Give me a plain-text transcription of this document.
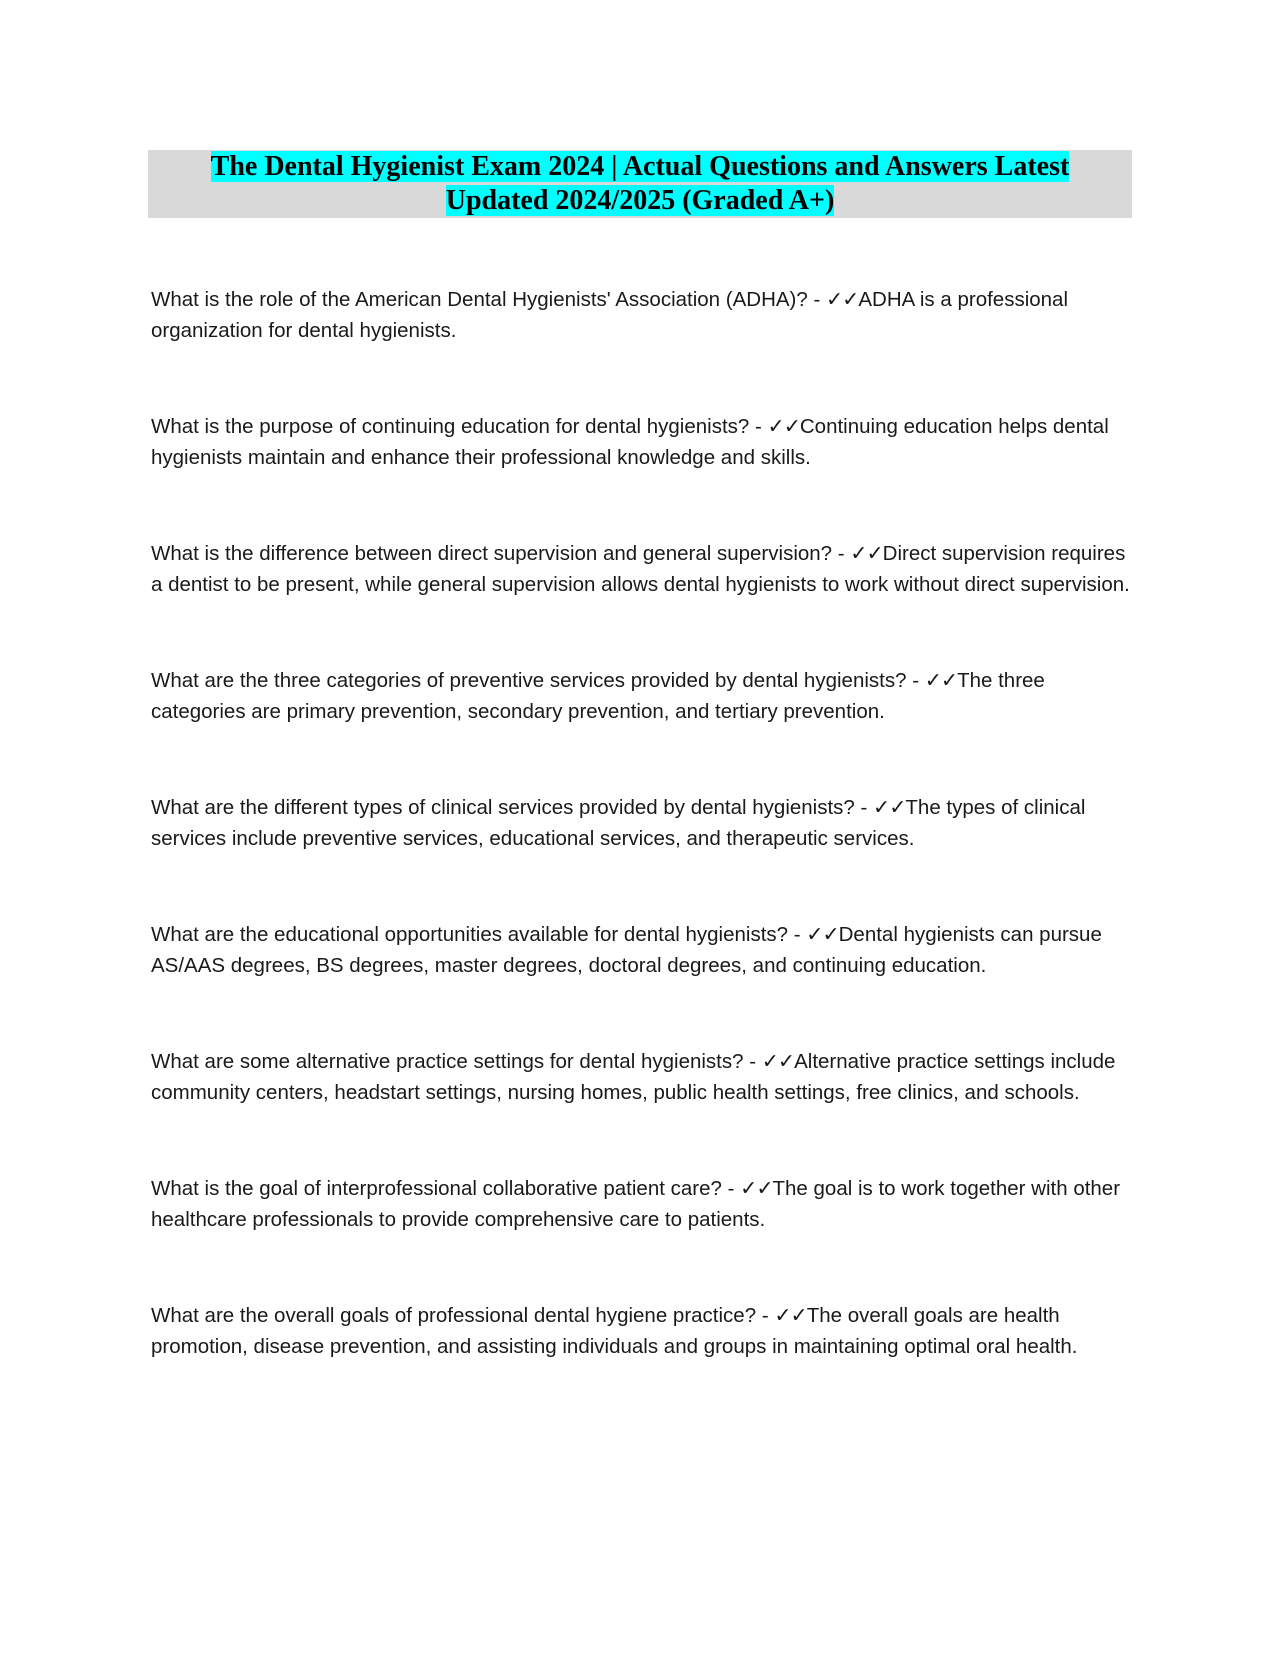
The Dental Hygienist Exam 2024 | Actual Questions and Answers Latest
Updated 2024/2025 (Graded A+)

What is the role of the American Dental Hygienists' Association (ADHA)? - ✓✓ADHA is a professional organization for dental hygienists.

What is the purpose of continuing education for dental hygienists? - ✓✓Continuing education helps dental hygienists maintain and enhance their professional knowledge and skills.

What is the difference between direct supervision and general supervision? - ✓✓Direct supervision requires a dentist to be present, while general supervision allows dental hygienists to work without direct supervision.

What are the three categories of preventive services provided by dental hygienists? - ✓✓The three categories are primary prevention, secondary prevention, and tertiary prevention.

What are the different types of clinical services provided by dental hygienists? - ✓✓The types of clinical services include preventive services, educational services, and therapeutic services.

What are the educational opportunities available for dental hygienists? - ✓✓Dental hygienists can pursue AS/AAS degrees, BS degrees, master degrees, doctoral degrees, and continuing education.

What are some alternative practice settings for dental hygienists? - ✓✓Alternative practice settings include community centers, headstart settings, nursing homes, public health settings, free clinics, and schools.

What is the goal of interprofessional collaborative patient care? - ✓✓The goal is to work together with other healthcare professionals to provide comprehensive care to patients.

What are the overall goals of professional dental hygiene practice? - ✓✓The overall goals are health promotion, disease prevention, and assisting individuals and groups in maintaining optimal oral health.
